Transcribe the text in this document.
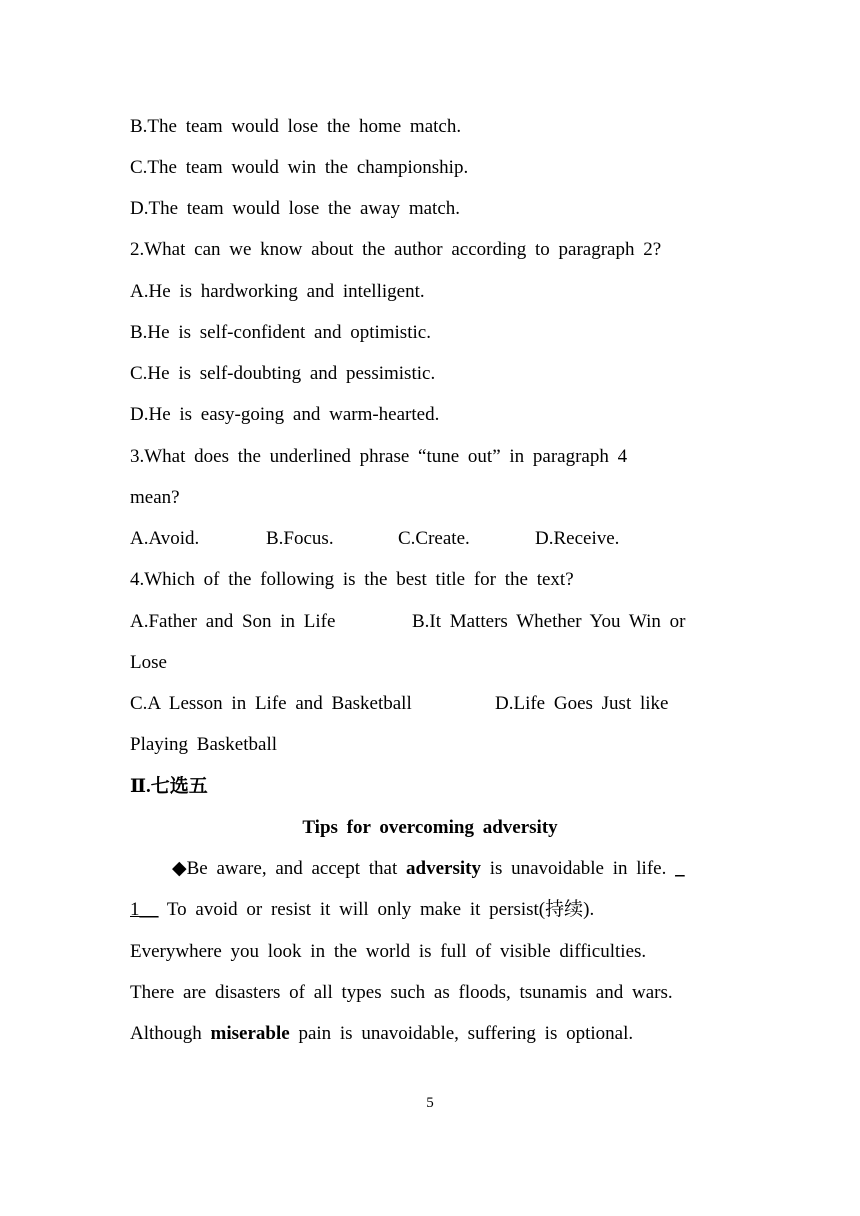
B.The team would lose the home match.
C.The team would win the championship.
D.The team would lose the away match.
2.What can we know about the author according to paragraph 2?
A.He is hardworking and intelligent.
B.He is self-confident and optimistic.
C.He is self-doubting and pessimistic.
D.He is easy-going and warm-hearted.
3.What does the underlined phrase “tune out” in paragraph 4
mean?

A.Avoid.

	B.Focus.

	C.Create.

	D.Receive.

4.Which of the following is the best title for the text?

A.Father and Son in Life

	B.It Matters Whether You Win or

Lose

C.A Lesson in Life and Basketball

	D.Life Goes Just like

Playing Basketball
Ⅱ.七选五
Tips for overcoming adversity
◆Be aware, and accept that adversity is unavoidable in life. _
1__ To avoid or resist it will only make it persist(持续).
Everywhere you look in the world is full of visible difficulties.
There are disasters of all types such as floods, tsunamis and wars.
Although miserable pain is unavoidable, suffering is optional.
5
